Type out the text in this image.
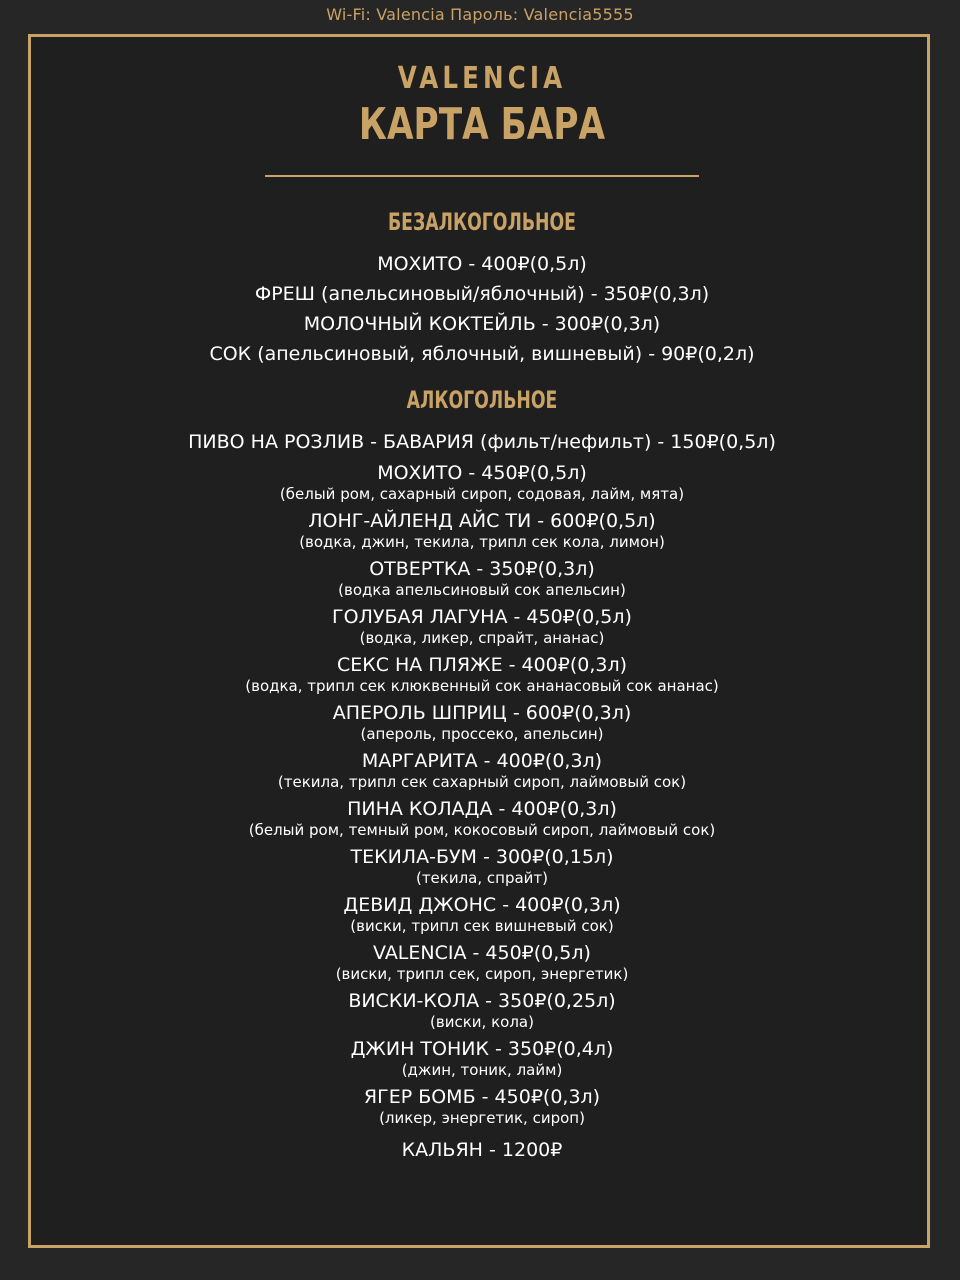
Wi-Fi: Valencia Пароль: Valencia5555
VALENCIA
КАРТА БАРА
БЕЗАЛКОГОЛЬНОЕ
МОХИТО - 400₽(0,5л)
ФРЕШ (апельсиновый/яблочный) - 350₽(0,3л)
МОЛОЧНЫЙ КОКТЕЙЛЬ - 300₽(0,3л)
СОК (апельсиновый, яблочный, вишневый) - 90₽(0,2л)
АЛКОГОЛЬНОЕ
ПИВО НА РОЗЛИВ - БАВАРИЯ (фильт/нефильт) - 150₽(0,5л)
МОХИТО - 450₽(0,5л)
(белый ром, сахарный сироп, содовая, лайм, мята)
ЛОНГ-АЙЛЕНД АЙС ТИ - 600₽(0,5л)
(водка, джин, текила, трипл сек кола, лимон)
ОТВЕРТКА - 350₽(0,3л)
(водка апельсиновый сок апельсин)
ГОЛУБАЯ ЛАГУНА - 450₽(0,5л)
(водка, ликер, спрайт, ананас)
СЕКС НА ПЛЯЖЕ - 400₽(0,3л)
(водка, трипл сек клюквенный сок ананасовый сок ананас)
АПЕРОЛЬ ШПРИЦ - 600₽(0,3л)
(апероль, проссеко, апельсин)
МАРГАРИТА - 400₽(0,3л)
(текила, трипл сек сахарный сироп, лаймовый сок)
ПИНА КОЛАДА - 400₽(0,3л)
(белый ром, темный ром, кокосовый сироп, лаймовый сок)
ТЕКИЛА-БУМ - 300₽(0,15л)
(текила, спрайт)
ДЕВИД ДЖОНС - 400₽(0,3л)
(виски, трипл сек вишневый сок)
VALENCIA - 450₽(0,5л)
(виски, трипл сек, сироп, энергетик)
ВИСКИ-КОЛА - 350₽(0,25л)
(виски, кола)
ДЖИН ТОНИК - 350₽(0,4л)
(джин, тоник, лайм)
ЯГЕР БОМБ - 450₽(0,3л)
(ликер, энергетик, сироп)
КАЛЬЯН - 1200₽
